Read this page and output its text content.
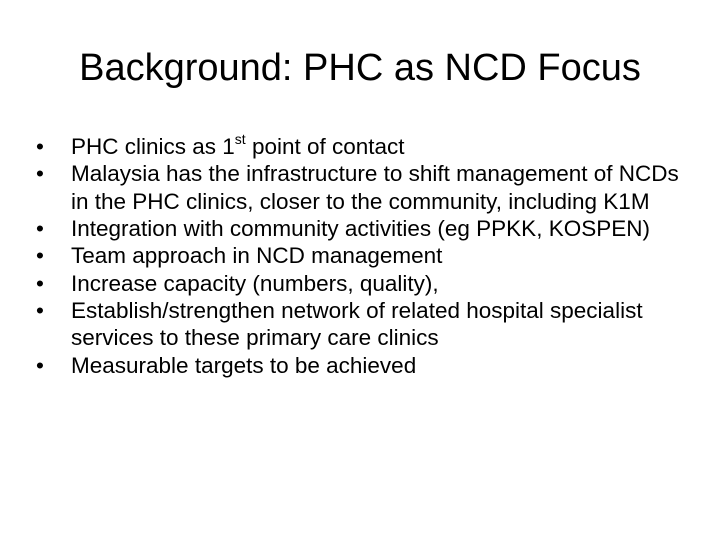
Background: PHC as NCD Focus
•	PHC clinics as 1st point of contact
•	Malaysia has the infrastructure to shift management of NCDs in the PHC clinics, closer to the community, including K1M
•	Integration with community activities (eg PPKK, KOSPEN)
•	Team approach in NCD management
•	Increase capacity (numbers, quality),
•	Establish/strengthen network of related hospital specialist services to these primary care clinics
•	Measurable targets to be achieved
